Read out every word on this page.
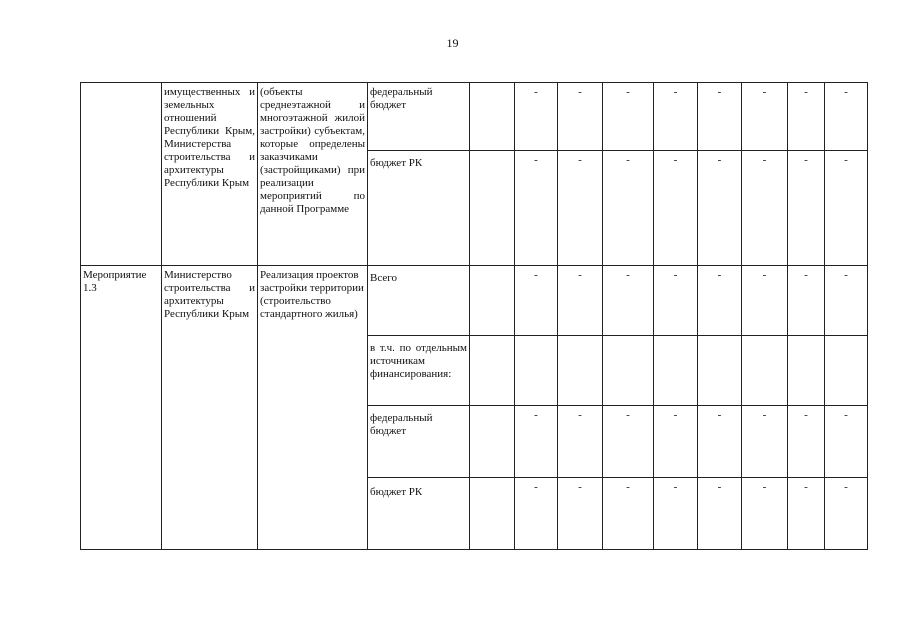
19
	имущественных и земельных отношений Республики Крым, Министерства строительства и архитектуры Республики Крым	(объекты среднеэтажной и многоэтажной жилой застройки) субъектам, которые определены заказчиками (застройщиками) при реализации мероприятий по данной Программе	федеральный бюджет		-	-	-	-	-	-	-	-
			бюджет РК		-	-	-	-	-	-	-	-
Мероприятие 1.3	Министерство строительства и архитектуры Республики Крым	Реализация проектов застройки территории (строительство стандартного жилья)	Всего		-	-	-	-	-	-	-	-
			в т.ч. по отдельным источникам финансирования:									
			федеральный бюджет		-	-	-	-	-	-	-	-
			бюджет РК		-	-	-	-	-	-	-	-
